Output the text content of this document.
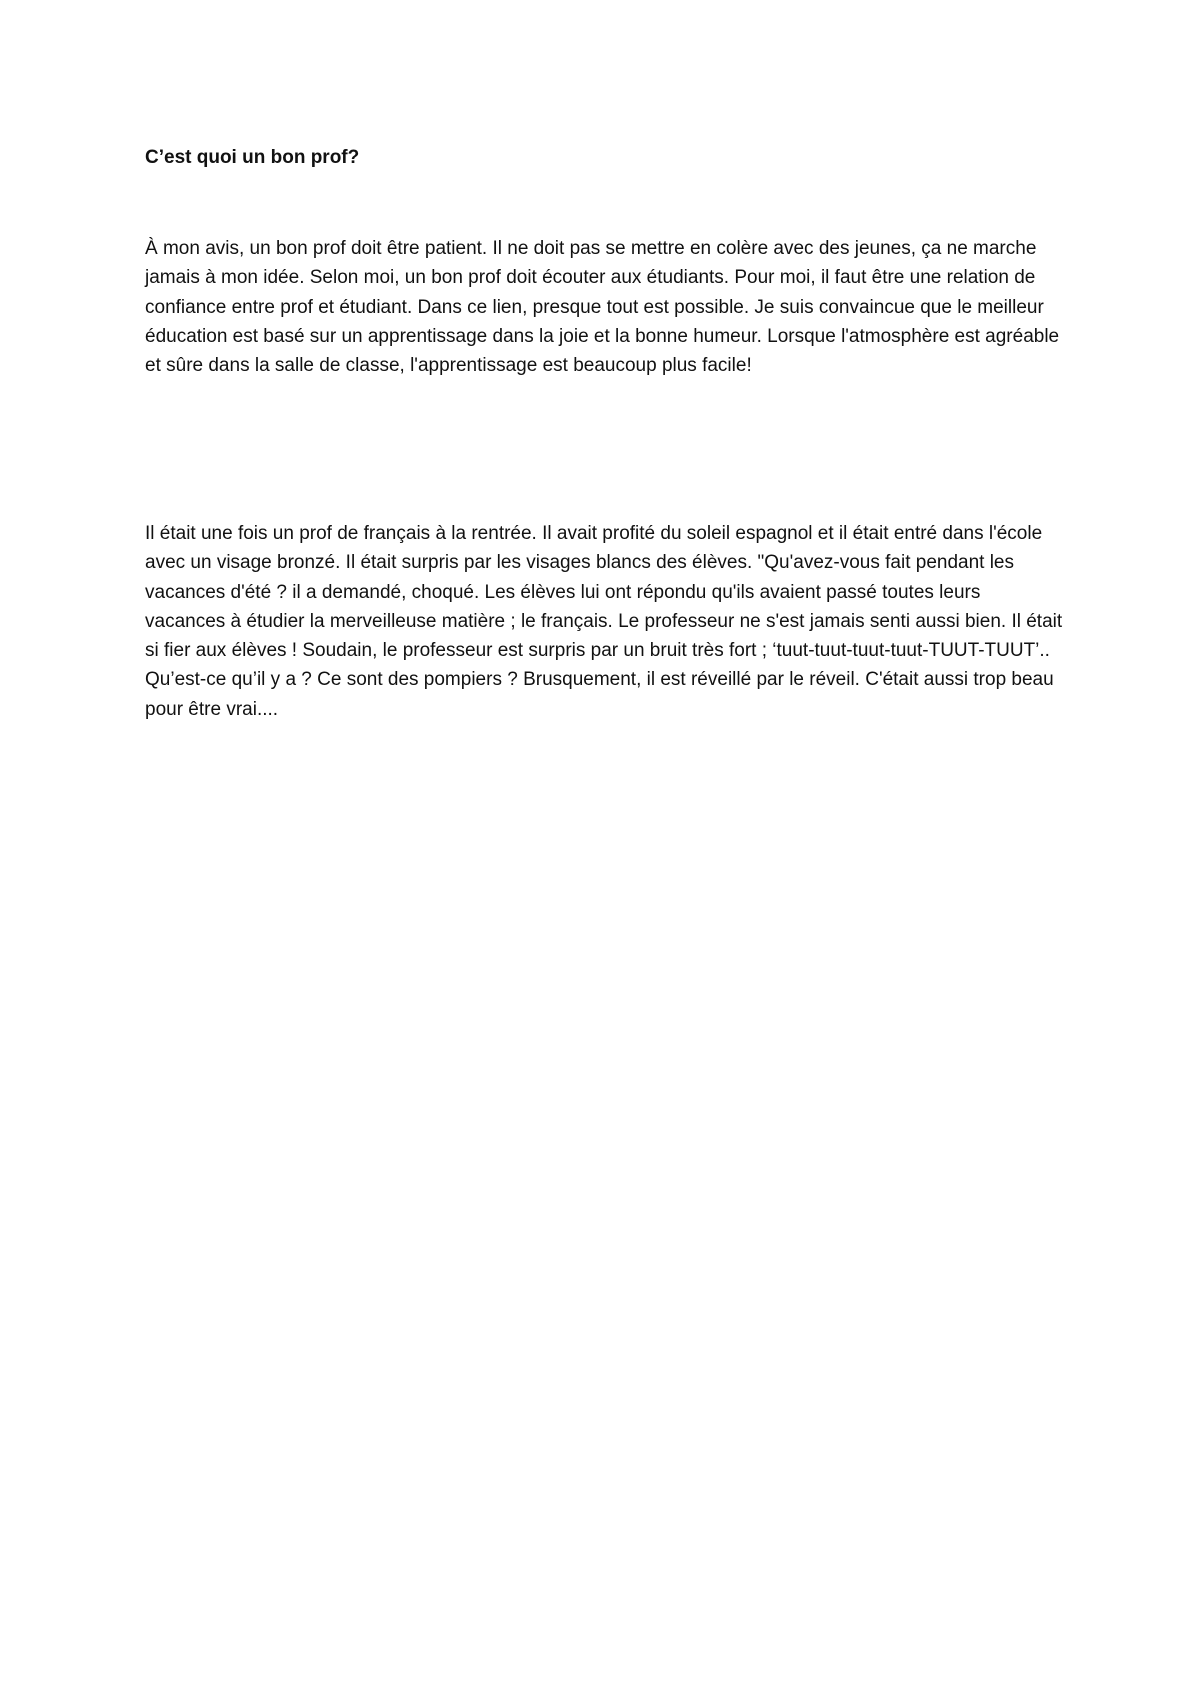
C’est quoi un bon prof?

À mon avis, un bon prof doit être patient. Il ne doit pas se mettre en colère avec des jeunes, ça ne marche jamais à mon idée. Selon moi, un bon prof doit écouter aux étudiants. Pour moi, il faut être une relation de confiance entre prof et étudiant. Dans ce lien, presque tout est possible. Je suis convaincue que le meilleur éducation est basé sur un apprentissage dans la joie et la bonne humeur. Lorsque l'atmosphère est agréable et sûre dans la salle de classe, l'apprentissage est beaucoup plus facile!

Il était une fois un prof de français à la rentrée. Il avait profité du soleil espagnol et il était entré dans l'école avec un visage bronzé. Il était surpris par les visages blancs des élèves. "Qu'avez-vous fait pendant les vacances d'été ? il a demandé, choqué. Les élèves lui ont répondu qu'ils avaient passé toutes leurs vacances à étudier la merveilleuse matière ; le français. Le professeur ne s'est jamais senti aussi bien. Il était si fier aux élèves ! Soudain, le professeur est surpris par un bruit très fort ; ‘tuut-tuut-tuut-tuut-TUUT-TUUT’.. Qu’est-ce qu’il y a ? Ce sont des pompiers ? Brusquement, il est réveillé par le réveil. C'était aussi trop beau pour être vrai....
